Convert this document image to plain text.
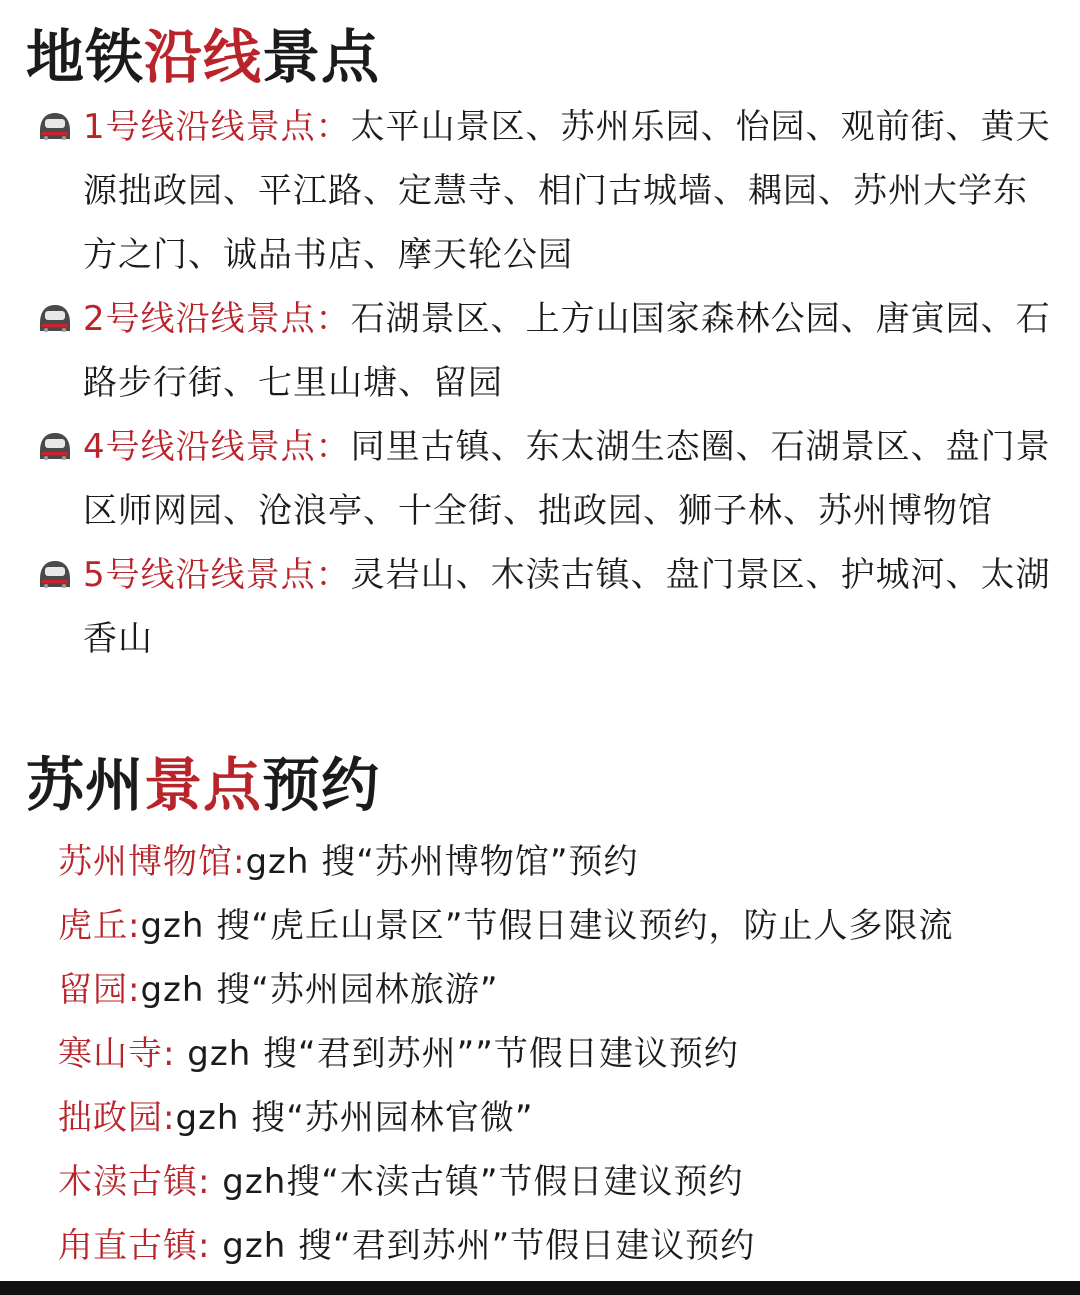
地铁沿线景点
1号线沿线景点：太平山景区、苏州乐园、怡园、观前街、黄天源拙政园、平江路、定慧寺、相门古城墙、耦园、苏州大学东方之门、诚品书店、摩天轮公园
2号线沿线景点：石湖景区、上方山国家森林公园、唐寅园、石路步行街、七里山塘、留园
4号线沿线景点：同里古镇、东太湖生态圈、石湖景区、盘门景区师网园、沧浪亭、十全街、拙政园、狮子林、苏州博物馆
5号线沿线景点：灵岩山、木渎古镇、盘门景区、护城河、太湖香山
苏州景点预约
苏州博物馆:gzh 搜“苏州博物馆”预约
虎丘:gzh 搜“虎丘山景区”节假日建议预约，防止人多限流
留园:gzh 搜“苏州园林旅游”
寒山寺: gzh 搜“君到苏州””节假日建议预约
拙政园:gzh 搜“苏州园林官微”
木渎古镇: gzh搜“木渎古镇”节假日建议预约
甪直古镇: gzh 搜“君到苏州”节假日建议预约
